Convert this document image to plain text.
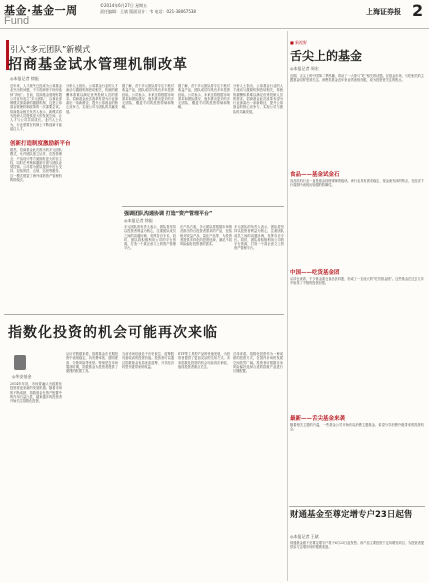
基金·基金一周
Fund
©2014年6月27日 星期五
责任编辑：王斌 版面设计：韦 电话：021-38067538	上海证券报 2
引入“多元团队”新模式
招商基金试水管理机制改革
◎本报记者 徐振
创新打造制度激励新平台
近年来，人才流失已经成为公募基金业突出的问题，不少投研骨干纷纷选择“奔私”。日前，招商基金管理有限公司宣布成立“多元团队”，以事业部制模式探索新的激励机制，这是公募基金管理机制改革的一次重要尝试。招商基金相关负责人表示，新模式将为投研人员提供更大的发展空间，让人才与公司共同成长。业内人士认为，行业需要在机制上不断创新才能留住人才。
据悉，招商基金此次推出的多元团队模式，允许团队独立运作，在投资理念、产品设计等方面拥有更大的自主权，同时在考核和激励方面与团队业绩挂钩。公司将为团队提供中后台支持，包括风控、合规、运营等服务。这一模式借鉴了海外成熟资产管理机构的做法。
分析人士指出，公募基金行业的人才流动与激励机制密切相关，传统的薪酬体系难以满足优秀投研人员的需求。招商基金此次改革有望为行业探索出一条新路径，提升公募基金的核心竞争力，实现公司与团队的共赢发展。
据了解，首个多元团队将专注于绝对收益产品，团队成员均具有多年投资经验。公司表示，未来还将根据市场需求和团队情况，逐步推出更多的多元团队，覆盖不同的投资领域和策略。
据了解，首个多元团队将专注于绝对收益产品，团队成员均具有多年投资经验。公司表示，未来还将根据市场需求和团队情况，逐步推出更多的多元团队，覆盖不同的投资领域和策略。
分析人士指出，公募基金行业的人才流动与激励机制密切相关，传统的薪酬体系难以满足优秀投研人员的需求。招商基金此次改革有望为行业探索出一条新路径，提升公募基金的核心竞争力，实现公司与团队的共赢发展。
强调团队沟通协调 打造“资产管理平台”
◎本报记者 徐振
多元团队的负责人表示，团队将坚持以投资者利益为核心，注重团队成员之间的沟通协调，发挥各自专长。同时，团队将积极利用公司的平台资源，打造一个真正意义上的资产管理平台。
在产品方面，多元团队将根据市场情况推出符合投资者需求的产品，包括绝对收益产品、量化产品等，为投资者提供多样化的投资选择，满足不同风险偏好投资者的需求。
多元团队的负责人表示，团队将坚持以投资者利益为核心，注重团队成员之间的沟通协调，发挥各自专长。同时，团队将积极利用公司的平台资源，打造一个真正意义上的资产管理平台。
指数化投资的机会可能再次来临
◎华安基金
2014年年初，市场普遍认为指数化投资将迎来新的发展机遇。随着市场的不断成熟，指数基金在资产配置中的作用日益凸显，越来越多的投资者开始关注指数化投资。
从历史数据来看，指数基金在长期投资中表现稳定，具有费率低、透明度高、分散风险等优势。特别是在市场震荡时期，指数基金为投资者提供了便捷的配置工具。
当前市场估值处于历史低位，蓝筹股具备较高的投资价值。投资者可以通过指数基金布局优质蓝筹，分享经济转型升级带来的收益。
ETF等工具型产品的快速发展，为投资者提供了更加灵活的交易方式。未来指数化投资的机会可能再次来临，值得投资者重点关注。
总体来看，指数化投资作为一种成熟的投资方式，在国内市场的发展空间依然广阔。投资者可根据自身风险偏好选择合适的指数产品进行长期配置。
■ 新视野
舌尖上的基金
◎本报记者 周宏
近期，舌尖上的中国第二季热播，带动了一大批与“吃”相关的话题。在基金市场，与吃相关的主题基金同样受到关注。消费类基金近年来业绩表现亮眼，成为投资者关注的焦点。
食品——基金试金石
食品饮料行业一直是基金经理青睐的板块。该行业具有需求稳定、现金流充沛的特点，在经济下行周期中表现出较强的防御性。
中国——吃货基金团
从持仓来看，不少基金重仓食品饮料股，形成了一支庞大的“吃货基金团”。这些基金在过去几年中取得了不错的投资回报。
最新——舌尖基金来袭
随着相关主题的升温，一些基金公司开始布局消费主题基金，希望分享消费升级带来的投资机会。
财通基金至尊定增专户23日起售
◎本报记者 王斌
财通基金旗下至尊定增专户将于6月23日起发售。该产品主要投资于定向增发项目，为投资者提供参与定增市场的便捷渠道。
